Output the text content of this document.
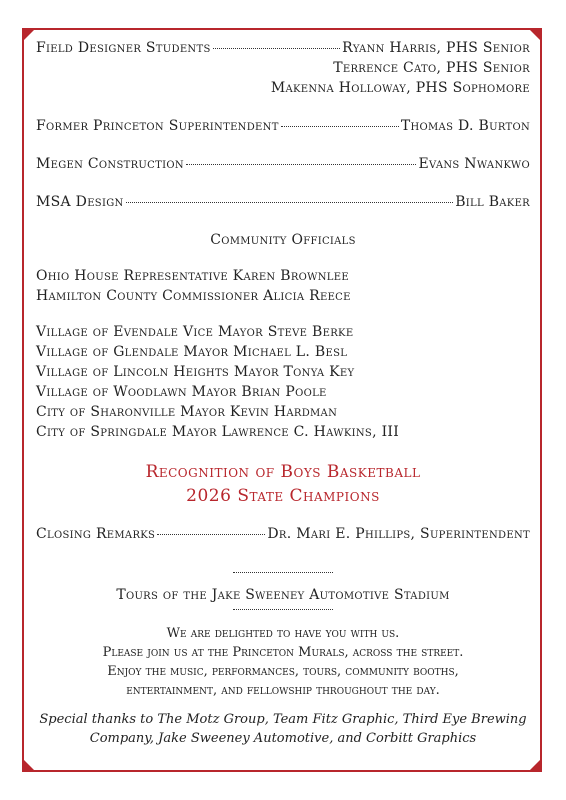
Field Designer Students	Ryann Harris, PHS Senior
Terrence Cato, PHS Senior
Makenna Holloway, PHS Sophomore
Former Princeton Superintendent	Thomas D. Burton
Megen Construction	Evans Nwankwo
MSA Design	Bill Baker
Community Officials
Ohio House Representative Karen Brownlee
Hamilton County Commissioner Alicia Reece
Village of Evendale Vice Mayor Steve Berke
Village of Glendale Mayor Michael L. Besl
Village of Lincoln Heights Mayor Tonya Key
Village of Woodlawn Mayor Brian Poole
City of Sharonville Mayor Kevin Hardman
City of Springdale Mayor Lawrence C. Hawkins, III
Recognition of Boys Basketball
2026 State Champions
Closing Remarks	Dr. Mari E. Phillips, Superintendent
Tours of the Jake Sweeney Automotive Stadium
We are delighted to have you with us.
Please join us at the Princeton Murals, across the street.
Enjoy the music, performances, tours, community booths,
entertainment, and fellowship throughout the day.
Special thanks to The Motz Group, Team Fitz Graphic, Third Eye Brewing
Company, Jake Sweeney Automotive, and Corbitt Graphics
